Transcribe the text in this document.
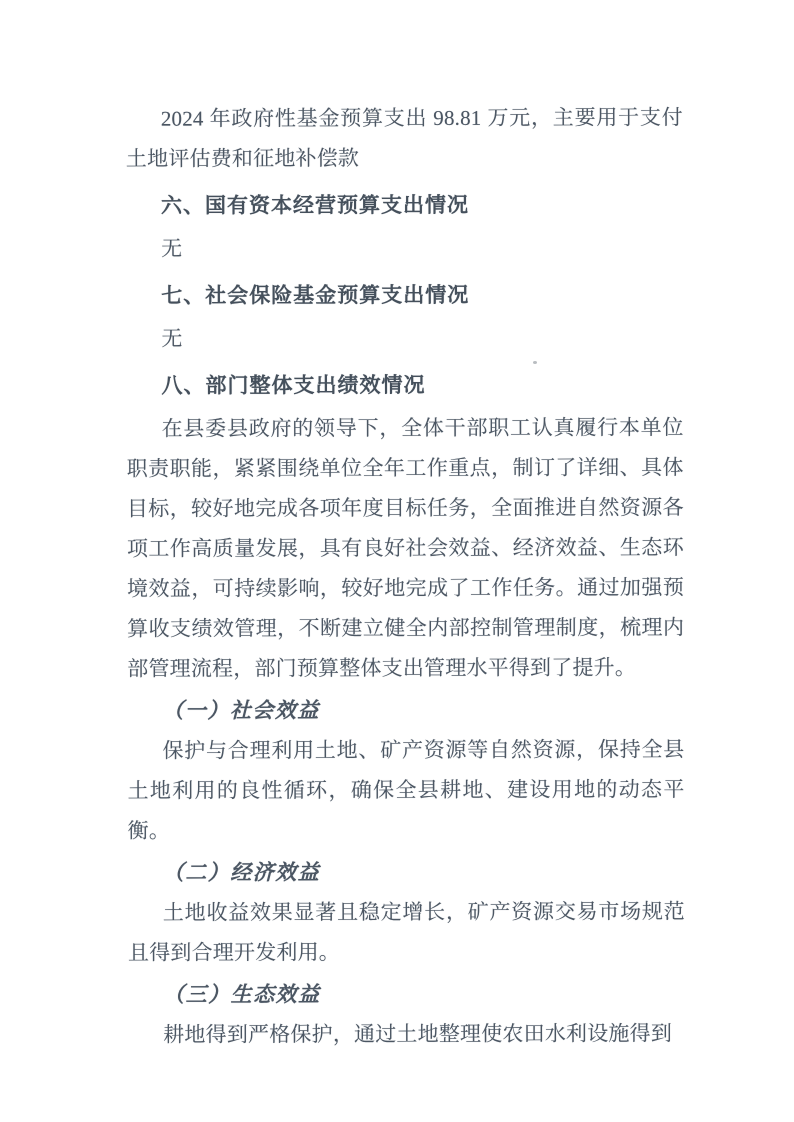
2024 年政府性基金预算支出 98.81 万元，主要用于支付土地评估费和征地补偿款
六、国有资本经营预算支出情况
无
七、社会保险基金预算支出情况
无
八、部门整体支出绩效情况
在县委县政府的领导下，全体干部职工认真履行本单位职责职能，紧紧围绕单位全年工作重点，制订了详细、具体目标，较好地完成各项年度目标任务，全面推进自然资源各项工作高质量发展，具有良好社会效益、经济效益、生态环境效益，可持续影响，较好地完成了工作任务。通过加强预算收支绩效管理，不断建立健全内部控制管理制度，梳理内部管理流程，部门预算整体支出管理水平得到了提升。
（一）社会效益
保护与合理利用土地、矿产资源等自然资源，保持全县土地利用的良性循环，确保全县耕地、建设用地的动态平衡。
（二）经济效益
土地收益效果显著且稳定增长，矿产资源交易市场规范且得到合理开发利用。
（三）生态效益
耕地得到严格保护，通过土地整理使农田水利设施得到
